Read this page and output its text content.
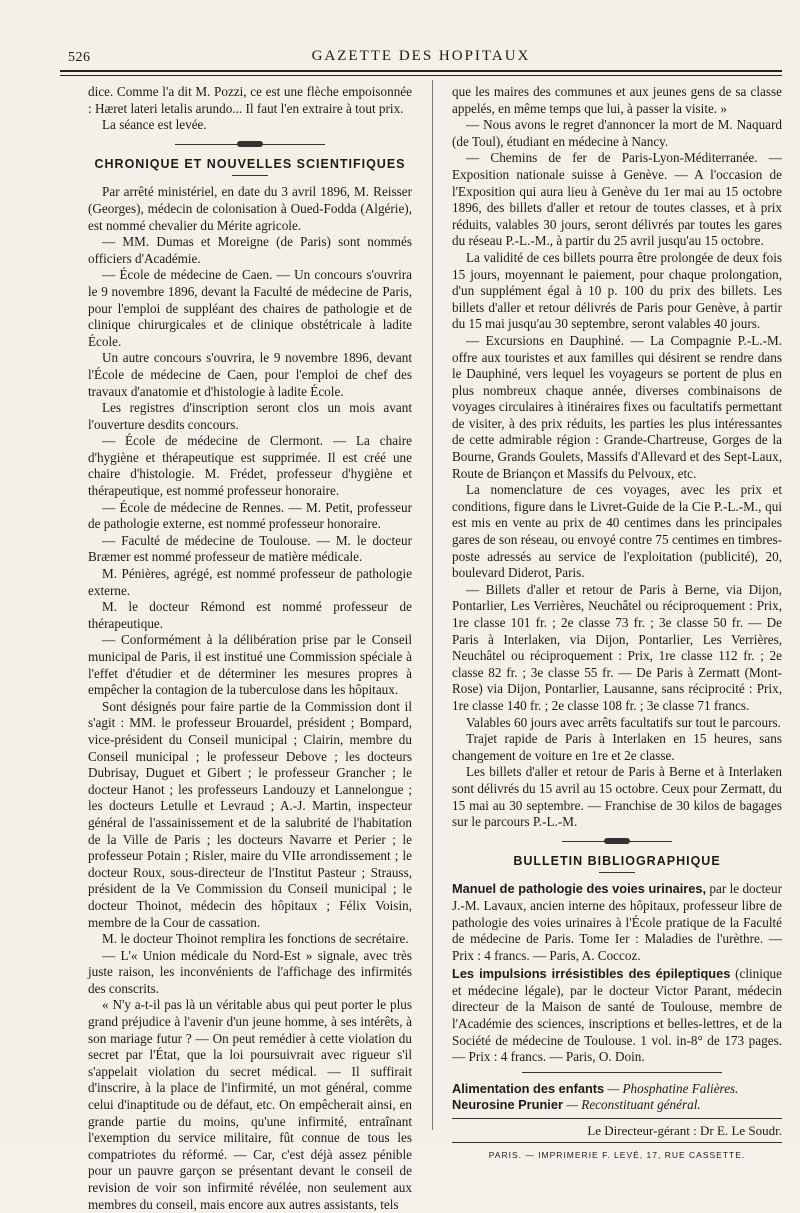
526	GAZETTE DES HOPITAUX

dice. Comme l'a dit M. Pozzi, ce est une flèche empoisonnée : Hæret lateri letalis arundo... Il faut l'en extraire à tout prix.

La séance est levée.

CHRONIQUE ET NOUVELLES SCIENTIFIQUES

Par arrêté ministériel, en date du 3 avril 1896, M. Reisser (Georges), médecin de colonisation à Oued-Fodda (Algérie), est nommé chevalier du Mérite agricole.

— MM. Dumas et Moreigne (de Paris) sont nommés officiers d'Académie.

— École de médecine de Caen. — Un concours s'ouvrira le 9 novembre 1896, devant la Faculté de médecine de Paris, pour l'emploi de suppléant des chaires de pathologie et de clinique chirurgicales et de clinique obstétricale à ladite École.

Un autre concours s'ouvrira, le 9 novembre 1896, devant l'École de médecine de Caen, pour l'emploi de chef des travaux d'anatomie et d'histologie à ladite École.

Les registres d'inscription seront clos un mois avant l'ouverture desdits concours.

— École de médecine de Clermont. — La chaire d'hygiène et thérapeutique est supprimée. Il est créé une chaire d'histologie. M. Frédet, professeur d'hygiène et thérapeutique, est nommé professeur honoraire.

— École de médecine de Rennes. — M. Petit, professeur de pathologie externe, est nommé professeur honoraire.

— Faculté de médecine de Toulouse. — M. le docteur Bræmer est nommé professeur de matière médicale.

M. Pénières, agrégé, est nommé professeur de pathologie externe.

M. le docteur Rémond est nommé professeur de thérapeutique.

— Conformément à la délibération prise par le Conseil municipal de Paris, il est institué une Commission spéciale à l'effet d'étudier et de déterminer les mesures propres à empêcher la contagion de la tuberculose dans les hôpitaux.

Sont désignés pour faire partie de la Commission dont il s'agit : MM. le professeur Brouardel, président ; Bompard, vice-président du Conseil municipal ; Clairin, membre du Conseil municipal ; le professeur Debove ; les docteurs Dubrisay, Duguet et Gibert ; le professeur Grancher ; le docteur Hanot ; les professeurs Landouzy et Lannelongue ; les docteurs Letulle et Levraud ; A.-J. Martin, inspecteur général de l'assainissement et de la salubrité de l'habitation de la Ville de Paris ; les docteurs Navarre et Perier ; le professeur Potain ; Risler, maire du VIIe arrondissement ; le docteur Roux, sous-directeur de l'Institut Pasteur ; Strauss, président de la Ve Commission du Conseil municipal ; le docteur Thoinot, médecin des hôpitaux ; Félix Voisin, membre de la Cour de cassation.

M. le docteur Thoinot remplira les fonctions de secrétaire.

— L'« Union médicale du Nord-Est » signale, avec très juste raison, les inconvénients de l'affichage des infirmités des conscrits.

« N'y a-t-il pas là un véritable abus qui peut porter le plus grand préjudice à l'avenir d'un jeune homme, à ses intérêts, à son mariage futur ? — On peut remédier à cette violation du secret par l'État, que la loi poursuivrait avec rigueur s'il s'appelait violation du secret médical. — Il suffirait d'inscrire, à la place de l'infirmité, un mot général, comme celui d'inaptitude ou de défaut, etc. On empêcherait ainsi, en grande partie du moins, qu'une infirmité, entraînant l'exemption du service militaire, fût connue de tous les compatriotes du réformé. — Car, c'est déjà assez pénible pour un pauvre garçon se présentant devant le conseil de revision de voir son infirmité révélée, non seulement aux membres du conseil, mais encore aux autres assistants, tels

que les maires des communes et aux jeunes gens de sa classe appelés, en même temps que lui, à passer la visite. »

— Nous avons le regret d'annoncer la mort de M. Naquard (de Toul), étudiant en médecine à Nancy.

— Chemins de fer de Paris-Lyon-Méditerranée. — Exposition nationale suisse à Genève. — A l'occasion de l'Exposition qui aura lieu à Genève du 1er mai au 15 octobre 1896, des billets d'aller et retour de toutes classes, et à prix réduits, valables 30 jours, seront délivrés par toutes les gares du réseau P.-L.-M., à partir du 25 avril jusqu'au 15 octobre.

La validité de ces billets pourra être prolongée de deux fois 15 jours, moyennant le paiement, pour chaque prolongation, d'un supplément égal à 10 p. 100 du prix des billets. Les billets d'aller et retour délivrés de Paris pour Genève, à partir du 15 mai jusqu'au 30 septembre, seront valables 40 jours.

— Excursions en Dauphiné. — La Compagnie P.-L.-M. offre aux touristes et aux familles qui désirent se rendre dans le Dauphiné, vers lequel les voyageurs se portent de plus en plus nombreux chaque année, diverses combinaisons de voyages circulaires à itinéraires fixes ou facultatifs permettant de visiter, à des prix réduits, les parties les plus intéressantes de cette admirable région : Grande-Chartreuse, Gorges de la Bourne, Grands Goulets, Massifs d'Allevard et des Sept-Laux, Route de Briançon et Massifs du Pelvoux, etc.

La nomenclature de ces voyages, avec les prix et conditions, figure dans le Livret-Guide de la Cie P.-L.-M., qui est mis en vente au prix de 40 centimes dans les principales gares de son réseau, ou envoyé contre 75 centimes en timbres-poste adressés au service de l'exploitation (publicité), 20, boulevard Diderot, Paris.

— Billets d'aller et retour de Paris à Berne, via Dijon, Pontarlier, Les Verrières, Neuchâtel ou réciproquement : Prix, 1re classe 101 fr. ; 2e classe 73 fr. ; 3e classe 50 fr. — De Paris à Interlaken, via Dijon, Pontarlier, Les Verrières, Neuchâtel ou réciproquement : Prix, 1re classe 112 fr. ; 2e classe 82 fr. ; 3e classe 55 fr. — De Paris à Zermatt (Mont-Rose) via Dijon, Pontarlier, Lausanne, sans réciprocité : Prix, 1re classe 140 fr. ; 2e classe 108 fr. ; 3e classe 71 francs.

Valables 60 jours avec arrêts facultatifs sur tout le parcours.

Trajet rapide de Paris à Interlaken en 15 heures, sans changement de voiture en 1re et 2e classe.

Les billets d'aller et retour de Paris à Berne et à Interlaken sont délivrés du 15 avril au 15 octobre. Ceux pour Zermatt, du 15 mai au 30 septembre. — Franchise de 30 kilos de bagages sur le parcours P.-L.-M.

BULLETIN BIBLIOGRAPHIQUE

Manuel de pathologie des voies urinaires, par le docteur J.-M. Lavaux, ancien interne des hôpitaux, professeur libre de pathologie des voies urinaires à l'École pratique de la Faculté de médecine de Paris. Tome Ier : Maladies de l'urèthre. — Prix : 4 francs. — Paris, A. Coccoz.

Les impulsions irrésistibles des épileptiques (clinique et médecine légale), par le docteur Victor Parant, médecin directeur de la Maison de santé de Toulouse, membre de l'Académie des sciences, inscriptions et belles-lettres, et de la Société de médecine de Toulouse. 1 vol. in-8° de 173 pages. — Prix : 4 francs. — Paris, O. Doin.

Alimentation des enfants — Phosphatine Falières.

Neurosine Prunier — Reconstituant général.

Le Directeur-gérant : Dr E. Le Soudr.
PARIS. — IMPRIMERIE F. LEVÉ, 17, RUE CASSETTE.
